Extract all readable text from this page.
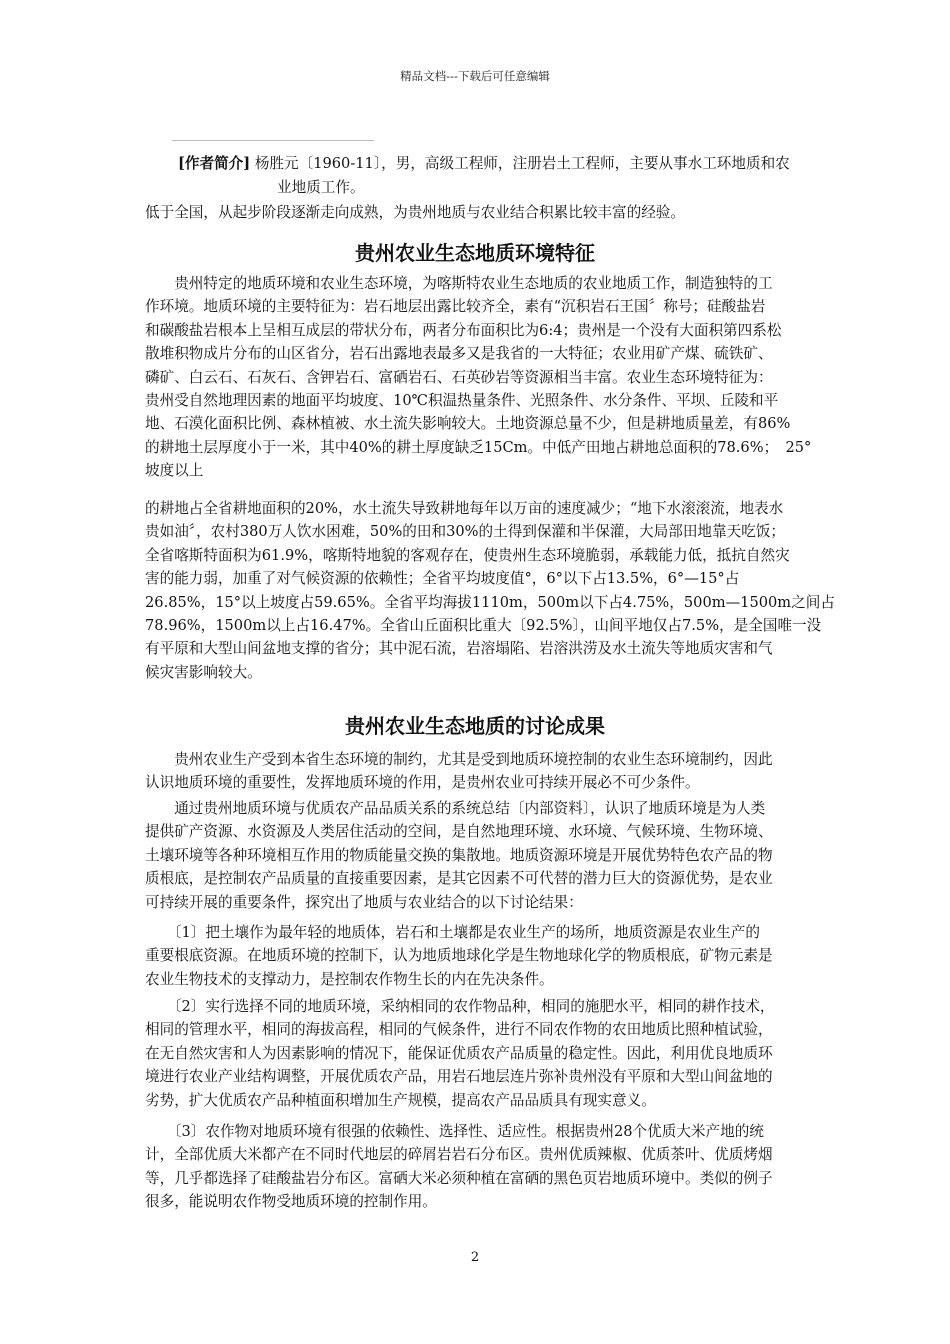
精品文档---下载后可任意编辑
[作者简介] 杨胜元〔1960-11〕，男，高级工程师，注册岩土工程师，主要从事水工环地质和农
业地质工作。
低于全国，从起步阶段逐渐走向成熟，为贵州地质与农业结合积累比较丰富的经验。
贵州农业生态地质环境特征
　　贵州特定的地质环境和农业生态环境，为喀斯特农业生态地质的农业地质工作，制造独特的工
作环境。地质环境的主要特征为：岩石地层出露比较齐全，素有“沉积岩石王国〞称号；硅酸盐岩
和碳酸盐岩根本上呈相互成层的带状分布，两者分布面积比为6:4；贵州是一个没有大面积第四系松
散堆积物成片分布的山区省分，岩石出露地表最多又是我省的一大特征；农业用矿产煤、硫铁矿、
磷矿、白云石、石灰石、含钾岩石、富硒岩石、石英砂岩等资源相当丰富。农业生态环境特征为：
贵州受自然地理因素的地面平均坡度、10℃积温热量条件、光照条件、水分条件、平坝、丘陵和平
地、石漠化面积比例、森林植被、水土流失影响较大。土地资源总量不少，但是耕地质量差，有86%
的耕地土层厚度小于一米，其中40%的耕土厚度缺乏15Cm。中低产田地占耕地总面积的78.6%；　25°
坡度以上
的耕地占全省耕地面积的20%，水土流失导致耕地每年以万亩的速度减少；“地下水滚滚流，地表水
贵如油〞，农村380万人饮水困难，50%的田和30%的土得到保灌和半保灌，大局部田地靠天吃饭；
全省喀斯特面积为61.9%，喀斯特地貌的客观存在，使贵州生态环境脆弱，承载能力低，抵抗自然灾
害的能力弱，加重了对气候资源的依赖性；全省平均坡度值°，6°以下占13.5%，6°—15°占
26.85%，15°以上坡度占59.65%。全省平均海拔1110m，500m以下占4.75%，500m—1500m之间占
78.96%，1500m以上占16.47%。全省山丘面积比重大〔92.5%〕，山间平地仅占7.5%，是全国唯一没
有平原和大型山间盆地支撑的省分；其中泥石流，岩溶塌陷、岩溶洪涝及水土流失等地质灾害和气
候灾害影响较大。
贵州农业生态地质的讨论成果
　　贵州农业生产受到本省生态环境的制约，尤其是受到地质环境控制的农业生态环境制约，因此
认识地质环境的重要性，发挥地质环境的作用，是贵州农业可持续开展必不可少条件。
　　通过贵州地质环境与优质农产品品质关系的系统总结〔内部资料〕，认识了地质环境是为人类
提供矿产资源、水资源及人类居住活动的空间，是自然地理环境、水环境、气候环境、生物环境、
土壤环境等各种环境相互作用的物质能量交换的集散地。地质资源环境是开展优势特色农产品的物
质根底，是控制农产品质量的直接重要因素，是其它因素不可代替的潜力巨大的资源优势，是农业
可持续开展的重要条件，探究出了地质与农业结合的以下讨论结果：
　　〔1〕把土壤作为最年轻的地质体，岩石和土壤都是农业生产的场所，地质资源是农业生产的
重要根底资源。在地质环境的控制下，认为地质地球化学是生物地球化学的物质根底，矿物元素是
农业生物技术的支撑动力，是控制农作物生长的内在先决条件。
　　〔2〕实行选择不同的地质环境，采纳相同的农作物品种，相同的施肥水平，相同的耕作技术，
相同的管理水平，相同的海拔高程，相同的气候条件，进行不同农作物的农田地质比照种植试验，
在无自然灾害和人为因素影响的情况下，能保证优质农产品质量的稳定性。因此，利用优良地质环
境进行农业产业结构调整，开展优质农产品，用岩石地层连片弥补贵州没有平原和大型山间盆地的
劣势，扩大优质农产品种植面积增加生产规模，提高农产品品质具有现实意义。
　　〔3〕农作物对地质环境有很强的依赖性、选择性、适应性。根据贵州28个优质大米产地的统
计，全部优质大米都产在不同时代地层的碎屑岩岩石分布区。贵州优质辣椒、优质茶叶、优质烤烟
等，几乎都选择了硅酸盐岩分布区。富硒大米必须种植在富硒的黑色页岩地质环境中。类似的例子
很多，能说明农作物受地质环境的控制作用。
2
